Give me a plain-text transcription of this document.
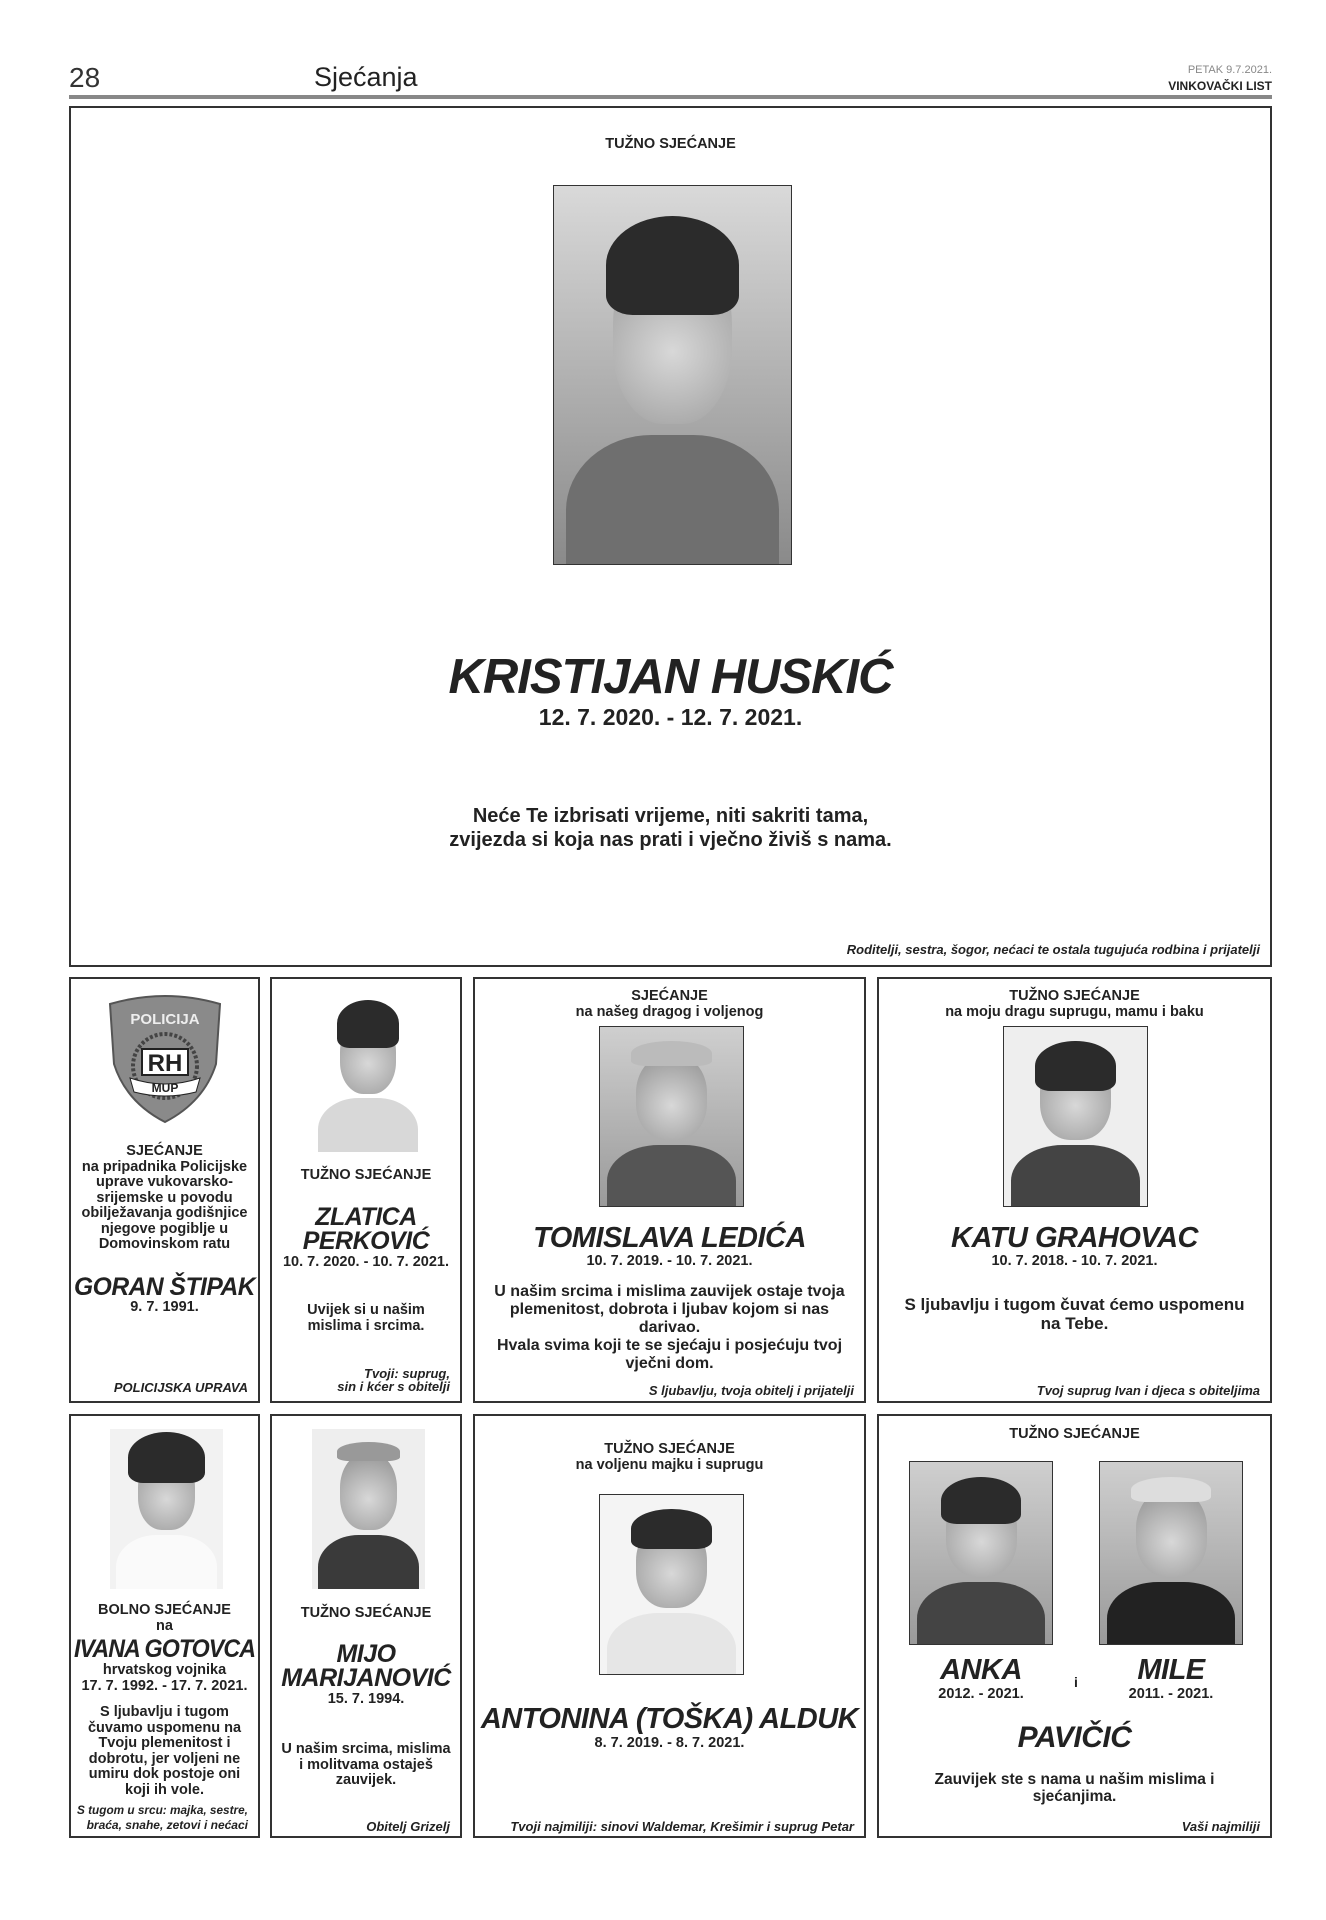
28	Sjećanja	PETAK 9.7.2021.
VINKOVAČKI LIST
TUŽNO SJEĆANJE
KRISTIJAN HUSKIĆ
12. 7. 2020. - 12. 7. 2021.
Neće Te izbrisati vrijeme, niti sakriti tama,
zvijezda si koja nas prati i vječno živiš s nama.
Roditelji, sestra, šogor, nećaci te ostala tugujuća rodbina i prijatelji
POLICIJA
RH
MUP
SJEĆANJE
na pripadnika Policijske
uprave vukovarsko-
srijemske u povodu
obilježavanja godišnjice
njegove pogiblje u
Domovinskom ratu
GORAN ŠTIPAK
9. 7. 1991.
POLICIJSKA UPRAVA
TUŽNO SJEĆANJE
ZLATICA
PERKOVIĆ
10. 7. 2020. - 10. 7. 2021.
Uvijek si u našim
mislima i srcima.
Tvoji: suprug,
sin i kćer s obitelji
SJEĆANJE
na našeg dragog i voljenog
TOMISLAVA LEDIĆA
10. 7. 2019. - 10. 7. 2021.
U našim srcima i mislima zauvijek ostaje tvoja
plemenitost, dobrota i ljubav kojom si nas
darivao.
Hvala svima koji te se sjećaju i posjećuju tvoj
vječni dom.
S ljubavlju, tvoja obitelj i prijatelji
TUŽNO SJEĆANJE
na moju dragu suprugu, mamu i baku
KATU GRAHOVAC
10. 7. 2018. - 10. 7. 2021.
S ljubavlju i tugom čuvat ćemo uspomenu
na Tebe.
Tvoj suprug Ivan i djeca s obiteljima
BOLNO SJEĆANJE
na
IVANA GOTOVCA
hrvatskog vojnika
17. 7. 1992. - 17. 7. 2021.
S ljubavlju i tugom
čuvamo uspomenu na
Tvoju plemenitost i
dobrotu, jer voljeni ne
umiru dok postoje oni
koji ih vole.
S tugom u srcu: majka, sestre,
braća, snahe, zetovi i nećaci
TUŽNO SJEĆANJE
MIJO
MARIJANOVIĆ
15. 7. 1994.
U našim srcima, mislima
i molitvama ostaješ
zauvijek.
Obitelj Grizelj
TUŽNO SJEĆANJE
na voljenu majku i suprugu
ANTONINA (TOŠKA) ALDUK
8. 7. 2019. - 8. 7. 2021.
Tvoji najmiliji: sinovi Waldemar, Krešimir i suprug Petar
TUŽNO SJEĆANJE
ANKA
2012. - 2021.
i	MILE
2011. - 2021.
PAVIČIĆ
Zauvijek ste s nama u našim mislima i
sjećanjima.
Vaši najmiliji
